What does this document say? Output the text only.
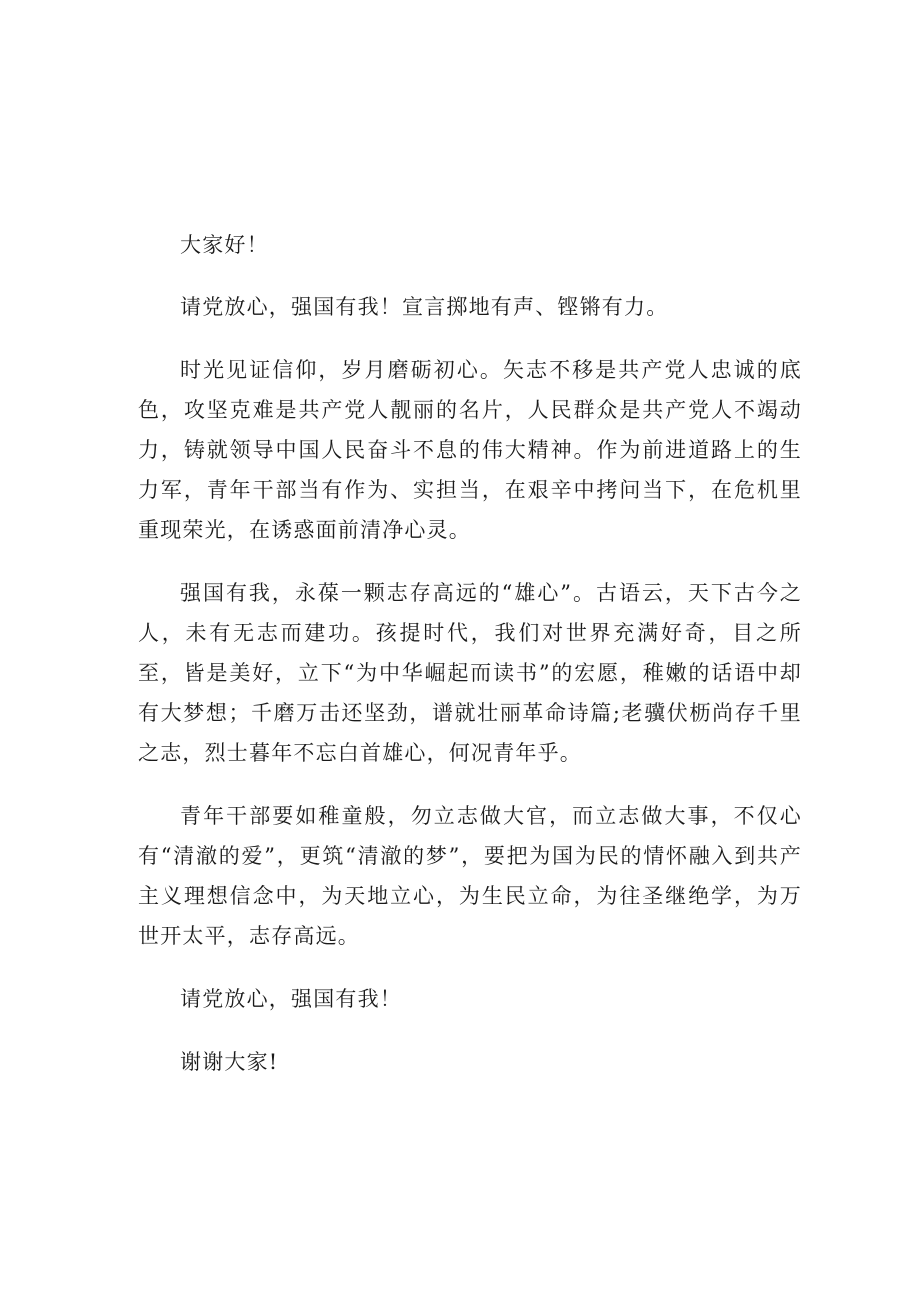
大家好！

请党放心，强国有我！宣言掷地有声、铿锵有力。

时光见证信仰，岁月磨砺初心。矢志不移是共产党人忠诚的底色，攻坚克难是共产党人靓丽的名片，人民群众是共产党人不竭动力，铸就领导中国人民奋斗不息的伟大精神。作为前进道路上的生力军，青年干部当有作为、实担当，在艰辛中拷问当下，在危机里重现荣光，在诱惑面前清净心灵。

强国有我，永葆一颗志存高远的“雄心”。古语云，天下古今之人，未有无志而建功。孩提时代，我们对世界充满好奇，目之所至，皆是美好，立下“为中华崛起而读书”的宏愿，稚嫩的话语中却有大梦想；千磨万击还坚劲，谱就壮丽革命诗篇;老骥伏枥尚存千里之志，烈士暮年不忘白首雄心，何况青年乎。

青年干部要如稚童般，勿立志做大官，而立志做大事，不仅心有“清澈的爱”，更筑“清澈的梦”，要把为国为民的情怀融入到共产主义理想信念中，为天地立心，为生民立命，为往圣继绝学，为万世开太平，志存高远。

请党放心，强国有我！

谢谢大家!
